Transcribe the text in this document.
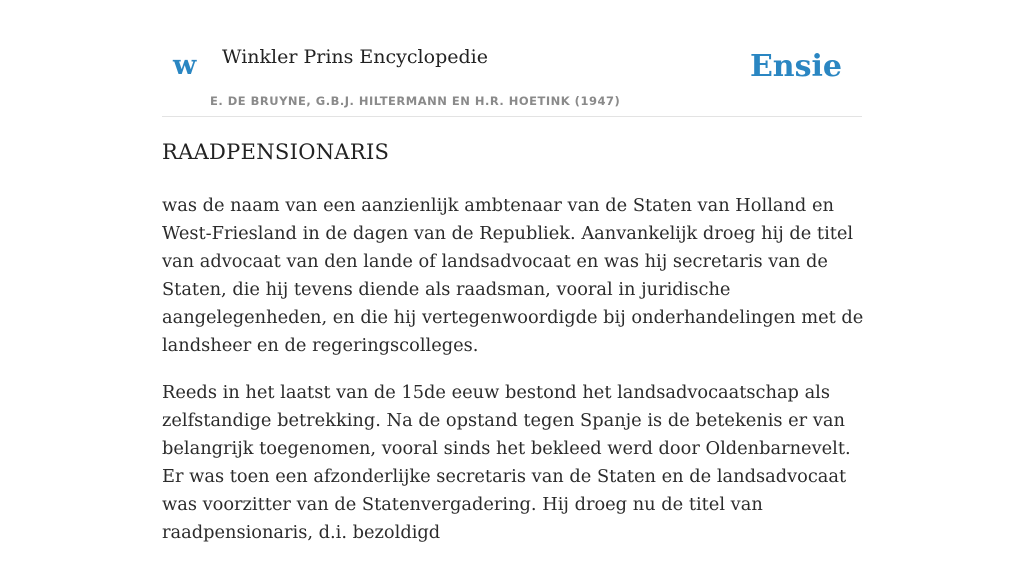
w Winkler Prins Encyclopedie
E. DE BRUYNE, G.B.J. HILTERMANN EN H.R. HOETINK (1947)
Ensie
RAADPENSIONARIS

was de naam van een aanzienlijk ambtenaar van de Staten van Holland en West-Friesland in de dagen van de Republiek. Aanvankelijk droeg hij de titel van advocaat van den lande of landsadvocaat en was hij secretaris van de Staten, die hij tevens diende als raadsman, vooral in juridische aangelegenheden, en die hij vertegenwoordigde bij onderhandelingen met de landsheer en de regeringscolleges.

Reeds in het laatst van de 15de eeuw bestond het landsadvocaatschap als zelfstandige betrekking. Na de opstand tegen Spanje is de betekenis er van belangrijk toegenomen, vooral sinds het bekleed werd door Oldenbarnevelt. Er was toen een afzonderlijke secretaris van de Staten en de landsadvocaat was voorzitter van de Statenvergadering. Hij droeg nu de titel van raadpensionaris, d.i. bezoldigd
